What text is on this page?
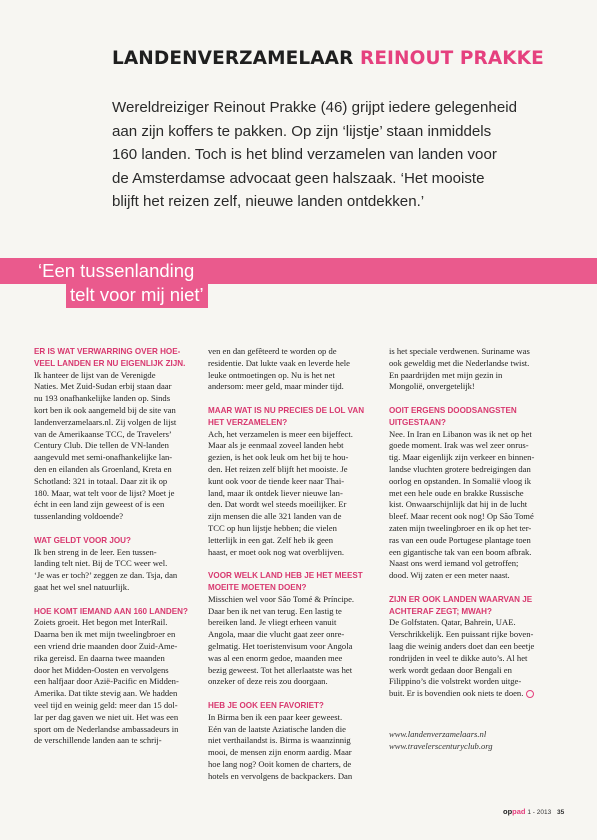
LANDENVERZAMELAAR REINOUT PRAKKE
Wereldreiziger Reinout Prakke (46) grijpt iedere gelegenheid
aan zijn koffers te pakken. Op zijn ‘lijstje’ staan inmiddels
160 landen. Toch is het blind verzamelen van landen voor
de Amsterdamse advocaat geen halszaak. ‘Het mooiste
blijft het reizen zelf, nieuwe landen ontdekken.’
‘Een tussenlanding
telt voor mij niet’
ER IS WAT VERWARRING OVER HOE-
VEEL LANDEN ER NU EIGENLIJK ZIJN.
Ik hanteer de lijst van de Verenigde
Naties. Met Zuid-Sudan erbij staan daar
nu 193 onafhankelijke landen op. Sinds
kort ben ik ook aangemeld bij de site van
landenverzamelaars.nl. Zij volgen de lijst
van de Amerikaanse TCC, de Travelers’
Century Club. Die tellen de VN-landen
aangevuld met semi-onafhankelijke lan-
den en eilanden als Groenland, Kreta en
Schotland: 321 in totaal. Daar zit ik op
180. Maar, wat telt voor de lijst? Moet je
écht in een land zijn geweest of is een
tussenlanding voldoende?
WAT GELDT VOOR JOU?
Ik ben streng in de leer. Een tussen-
landing telt niet. Bij de TCC weer wel.
‘Je was er toch?’ zeggen ze dan. Tsja, dan
gaat het wel snel natuurlijk.
HOE KOMT IEMAND AAN 160 LANDEN?
Zoiets groeit. Het begon met InterRail.
Daarna ben ik met mijn tweelingbroer en
een vriend drie maanden door Zuid-Ame-
rika gereisd. En daarna twee maanden
door het Midden-Oosten en vervolgens
een halfjaar door Azië-Pacific en Midden-
Amerika. Dat tikte stevig aan. We hadden
veel tijd en weinig geld: meer dan 15 dol-
lar per dag gaven we niet uit. Het was een
sport om de Nederlandse ambassadeurs in
de verschillende landen aan te schrij-
ven en dan gefêteerd te worden op de
residentie. Dat lukte vaak en leverde hele
leuke ontmoetingen op. Nu is het net
andersom: meer geld, maar minder tijd.
MAAR WAT IS NU PRECIES DE LOL VAN
HET VERZAMELEN?
Ach, het verzamelen is meer een bijeffect.
Maar als je eenmaal zoveel landen hebt
gezien, is het ook leuk om het bij te hou-
den. Het reizen zelf blijft het mooiste. Je
kunt ook voor de tiende keer naar Thai-
land, maar ik ontdek liever nieuwe lan-
den. Dat wordt wel steeds moeilijker. Er
zijn mensen die alle 321 landen van de
TCC op hun lijstje hebben; die vielen
letterlijk in een gat. Zelf heb ik geen
haast, er moet ook nog wat overblijven.
VOOR WELK LAND HEB JE HET MEEST
MOEITE MOETEN DOEN?
Misschien wel voor São Tomé & Príncipe.
Daar ben ik net van terug. Een lastig te
bereiken land. Je vliegt erheen vanuit
Angola, maar die vlucht gaat zeer onre-
gelmatig. Het toeristenvisum voor Angola
was al een enorm gedoe, maanden mee
bezig geweest. Tot het allerlaatste was het
onzeker of deze reis zou doorgaan.
HEB JE OOK EEN FAVORIET?
In Birma ben ik een paar keer geweest.
Eén van de laatste Aziatische landen die
niet verthailandst is. Birma is waanzinnig
mooi, de mensen zijn enorm aardig. Maar
hoe lang nog? Ooit komen de charters, de
hotels en vervolgens de backpackers. Dan
is het speciale verdwenen. Suriname was
ook geweldig met die Nederlandse twist.
En paardrijden met mijn gezin in
Mongolië, onvergetelijk!
OOIT ERGENS DOODSANGSTEN
UITGESTAAN?
Nee. In Iran en Libanon was ik net op het
goede moment. Irak was wel zeer onrus-
tig. Maar eigenlijk zijn verkeer en binnen-
landse vluchten grotere bedreigingen dan
oorlog en opstanden. In Somalië vloog ik
met een hele oude en brakke Russische
kist. Onwaarschijnlijk dat hij in de lucht
bleef. Maar recent ook nog! Op São Tomé
zaten mijn tweelingbroer en ik op het ter-
ras van een oude Portugese plantage toen
een gigantische tak van een boom afbrak.
Naast ons werd iemand vol getroffen;
dood. Wij zaten er een meter naast.
ZIJN ER OOK LANDEN WAARVAN JE
ACHTERAF ZEGT; MWAH?
De Golfstaten. Qatar, Bahrein, UAE.
Verschrikkelijk. Een puissant rijke boven-
laag die weinig anders doet dan een beetje
rondrijden in veel te dikke auto’s. Al het
werk wordt gedaan door Bengali en
Filippino’s die volstrekt worden uitge-
buit. Er is bovendien ook niets te doen.
www.landenverzamelaars.nl
www.travelerscenturyclub.org
oppad 1 - 2013 35
